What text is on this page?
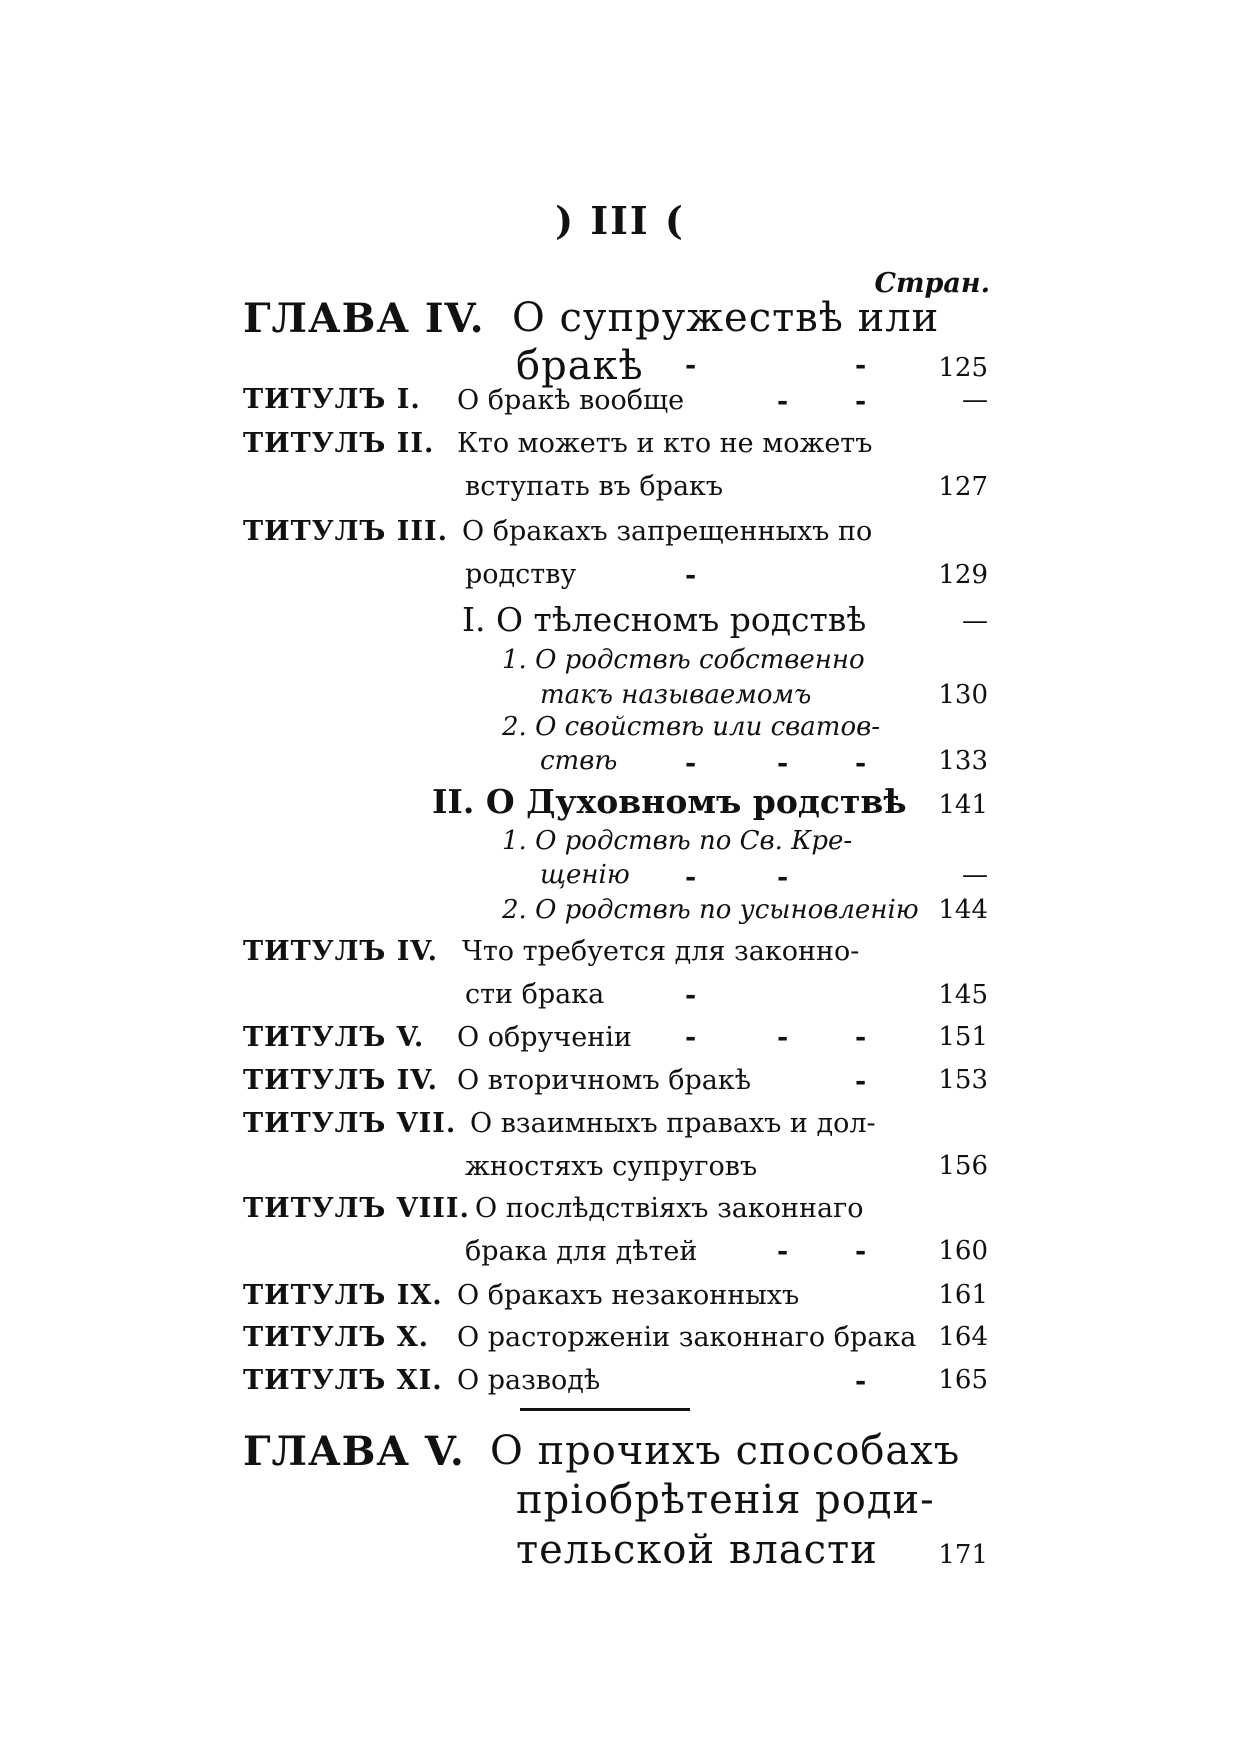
) III (
Стран.
ГЛАВА IV. О супружествѣ или
бракѣ -	-	125
ТИТУЛЪ I. О бракѣ вообще	- -	—
ТИТУЛЪ II. Кто можетъ и кто не можетъ
вступать въ бракъ	127
ТИТУЛЪ III. О бракахъ запрещенныхъ по
родству	-	129
I. О тѣлесномъ родствѣ	—
1. О родствѣ собственно
такъ называемомъ	130
2. О свойствѣ или сватов-
ствѣ	-	- -	133
II. О Духовномъ родствѣ	141
1. О родствѣ по Св. Кре-
щенію -	-	—
2. О родствѣ по усыновленію 144
ТИТУЛЪ IV. Что требуется для законно-
сти брака	-	145
ТИТУЛЪ V. О обрученіи -	- -	151
ТИТУЛЪ IV. О вторичномъ бракѣ	-	153
ТИТУЛЪ VII. О взаимныхъ правахъ и дол-
жностяхъ супруговъ	156
ТИТУЛЪ VIII. О послѣдствіяхъ законнаго
брака для дѣтей	- -	160
ТИТУЛЪ IX. О бракахъ незаконныхъ	161
ТИТУЛЪ X. О расторженіи законнаго брака 164
ТИТУЛЪ XI. О разводѣ	-	165
ГЛАВА V. О прочихъ способахъ
пріобрѣтенія роди-
тельской власти	171
